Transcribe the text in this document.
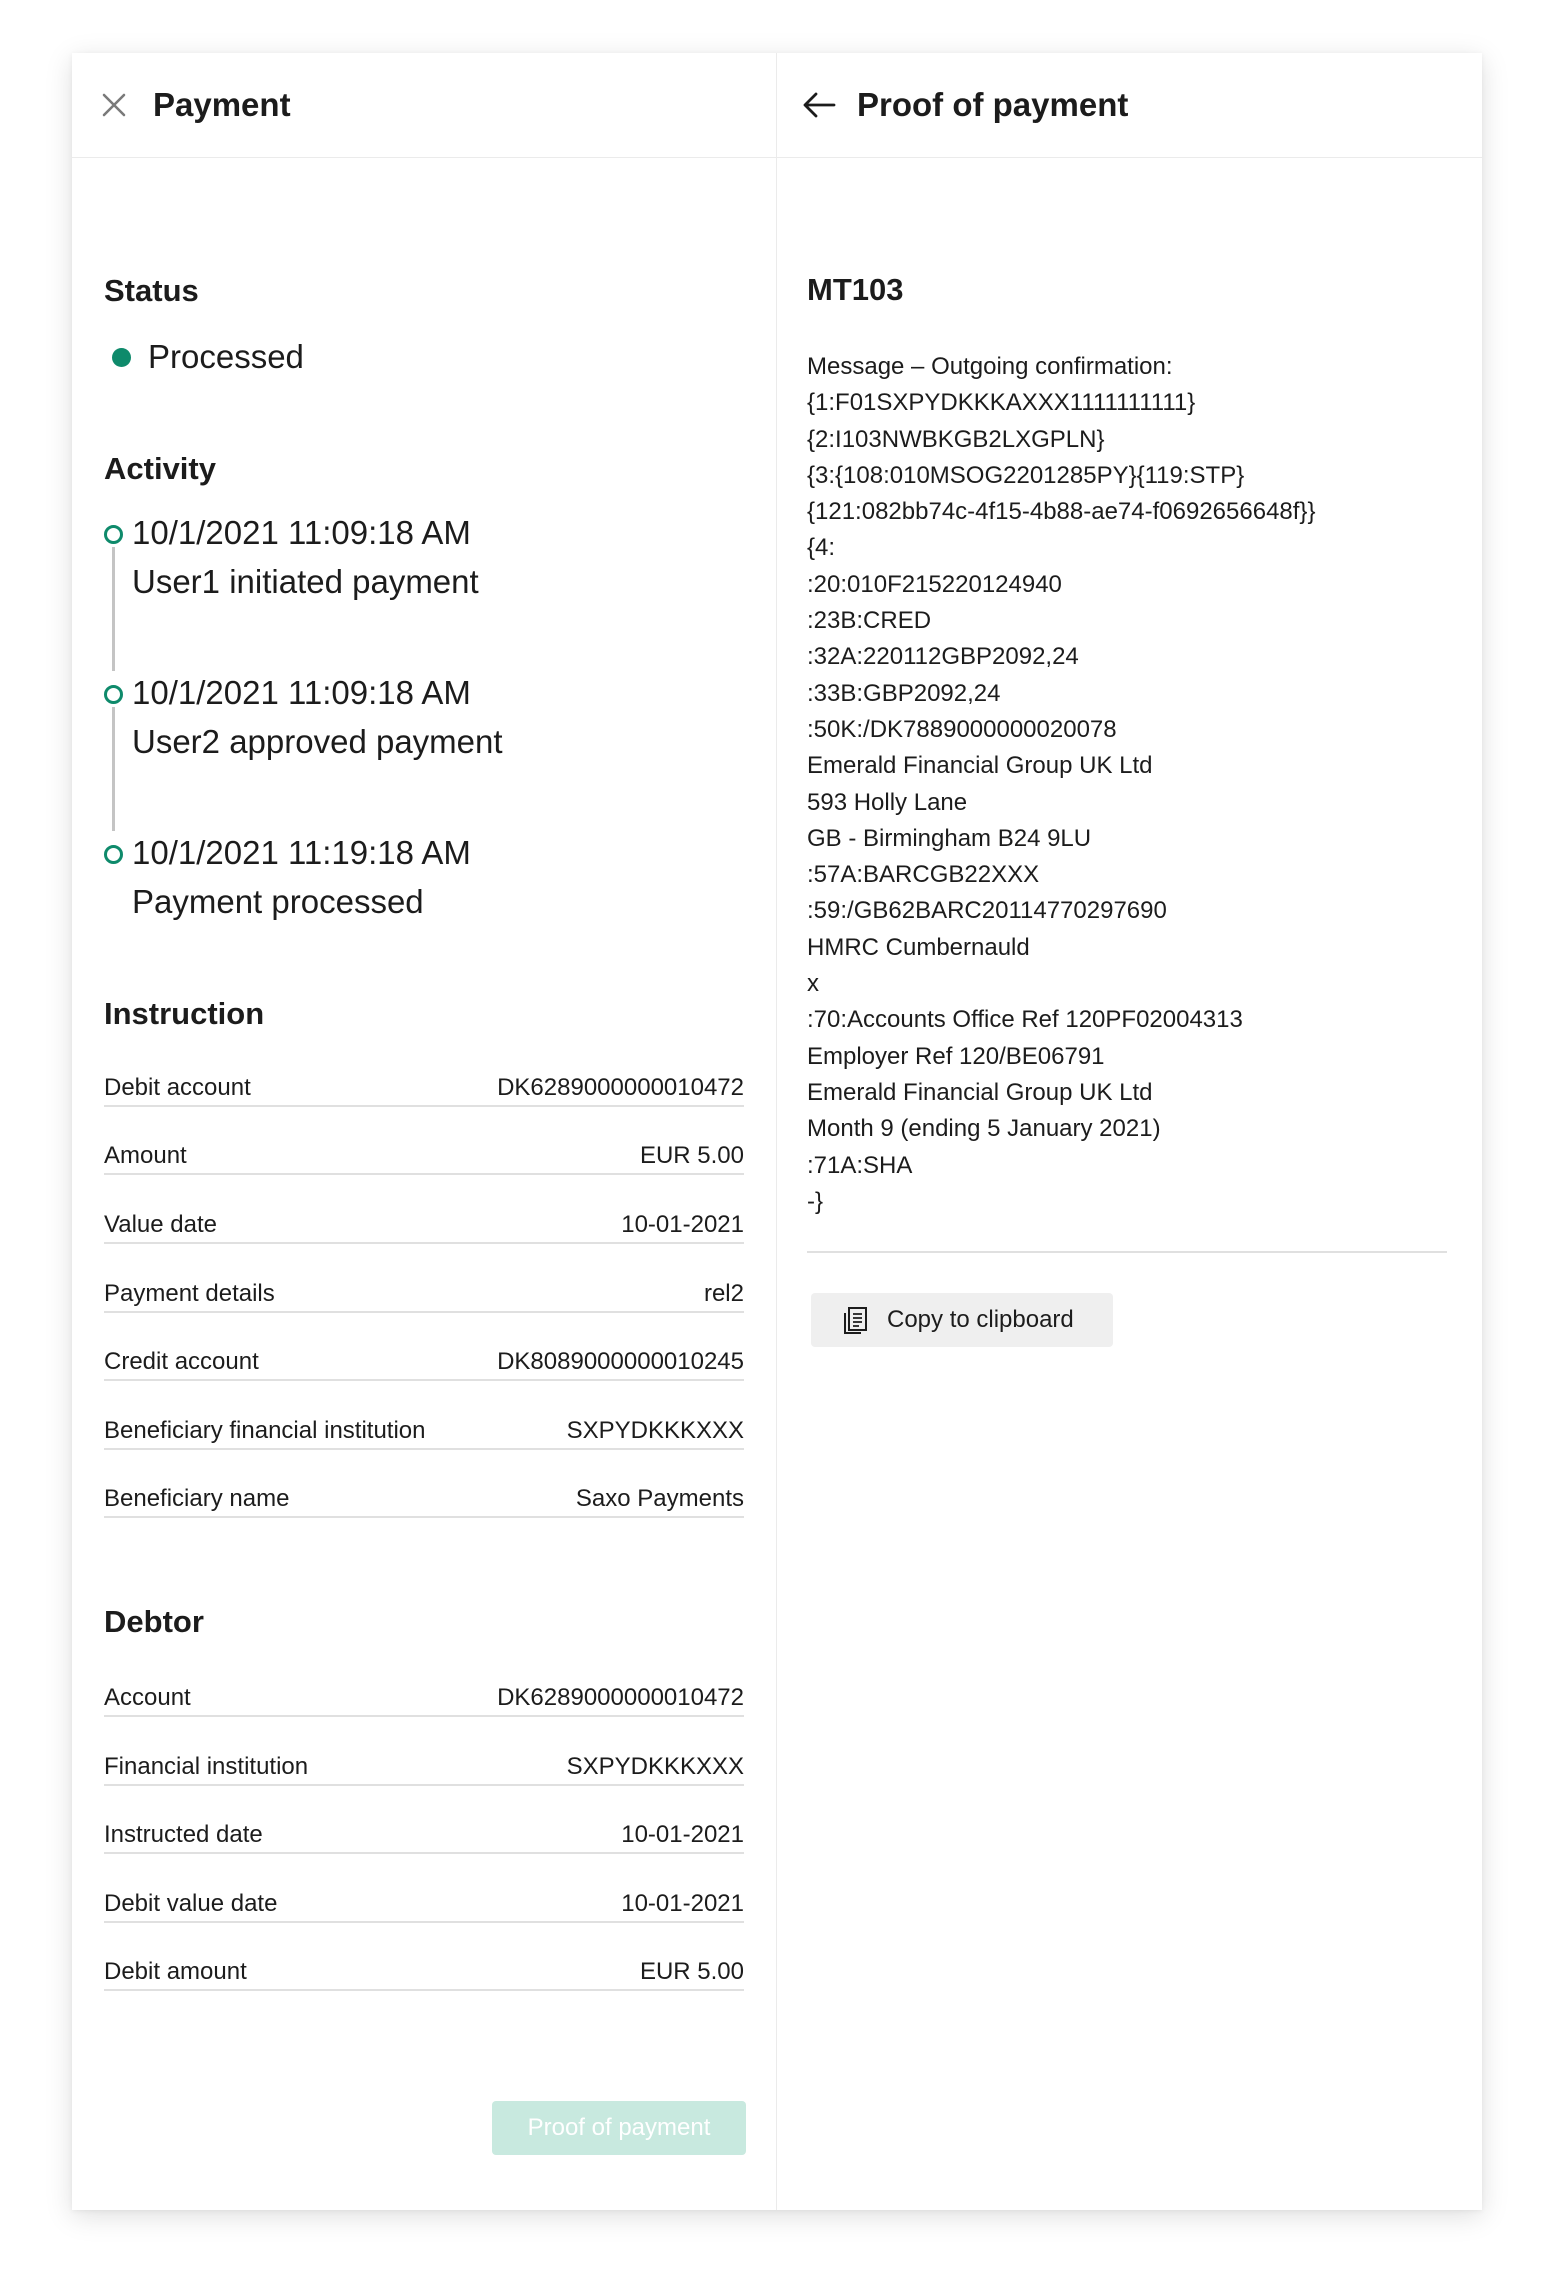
Payment
Status
Processed
Activity
10/1/2021 11:09:18 AM
User1 initiated payment
10/1/2021 11:09:18 AM
User2 approved payment
10/1/2021 11:19:18 AM
Payment processed
Instruction
Debit account	DK6289000000010472
Amount	EUR 5.00
Value date	10-01-2021
Payment details	rel2
Credit account	DK8089000000010245
Beneficiary financial institution	SXPYDKKKXXX
Beneficiary name	Saxo Payments
Debtor
Account	DK6289000000010472
Financial institution	SXPYDKKKXXX
Instructed date	10-01-2021
Debit value date	10-01-2021
Debit amount	EUR 5.00
Proof of payment
Proof of payment
MT103
Message – Outgoing confirmation:
{1:F01SXPYDKKKAXXX1111111111}
{2:I103NWBKGB2LXGPLN}
{3:{108:010MSOG2201285PY}{119:STP}
{121:082bb74c-4f15-4b88-ae74-f0692656648f}}
{4:
:20:010F215220124940
:23B:CRED
:32A:220112GBP2092,24
:33B:GBP2092,24
:50K:/DK7889000000020078
Emerald Financial Group UK Ltd
593 Holly Lane
GB - Birmingham B24 9LU
:57A:BARCGB22XXX
:59:/GB62BARC20114770297690
HMRC Cumbernauld
x
:70:Accounts Office Ref 120PF02004313
Employer Ref 120/BE06791
Emerald Financial Group UK Ltd
Month 9 (ending 5 January 2021)
:71A:SHA
-}
Copy to clipboard
